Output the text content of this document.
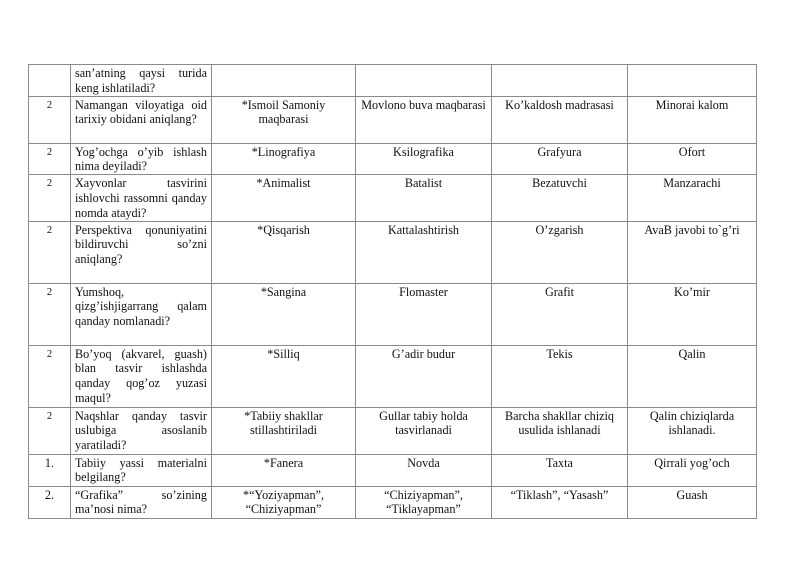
	san’atning qaysi turida keng ishlatiladi?				
2	Namangan viloyatiga oid tarixiy obidani aniqlang?	*Ismoil Samoniy maqbarasi	Movlono buva maqbarasi	Ko’kaldosh madrasasi	Minorai kalom
2	Yog’ochga o’yib ishlash nima deyiladi?	*Linografiya	Ksilografika	Grafyura	Ofort
2	Xayvonlar tasvirini ishlovchi rassomni qanday nomda ataydi?	*Animalist	Batalist	Bezatuvchi	Manzarachi
2	Perspektiva qonuniyatini bildiruvchi so’zni aniqlang?	*Qisqarish	Kattalashtirish	O’zgarish	AvaB javobi to`g’ri
2	Yumshoq, qizg’ishjigarrang qalam qanday nomlanadi?	*Sangina	Flomaster	Grafit	Ko’mir
2	Bo’yoq (akvarel, guash) blan tasvir ishlashda qanday qog’oz yuzasi maqul?	*Silliq	G’adir budur	Tekis	Qalin
2	Naqshlar qanday tasvir uslubiga asoslanib yaratiladi?	*Tabiiy shakllar stillashtiriladi	Gullar tabiy holda tasvirlanadi	Barcha shakllar chiziq usulida ishlanadi	Qalin chiziqlarda ishlanadi.
1.	Tabiiy yassi materialni belgilang?	*Fanera	Novda	Taxta	Qirrali yog’och
2.	“Grafika” so’zining ma’nosi nima?	*“Yoziyapman”, “Chiziyapman”	“Chiziyapman”, “Tiklayapman”	“Tiklash”, “Yasash”	Guash
